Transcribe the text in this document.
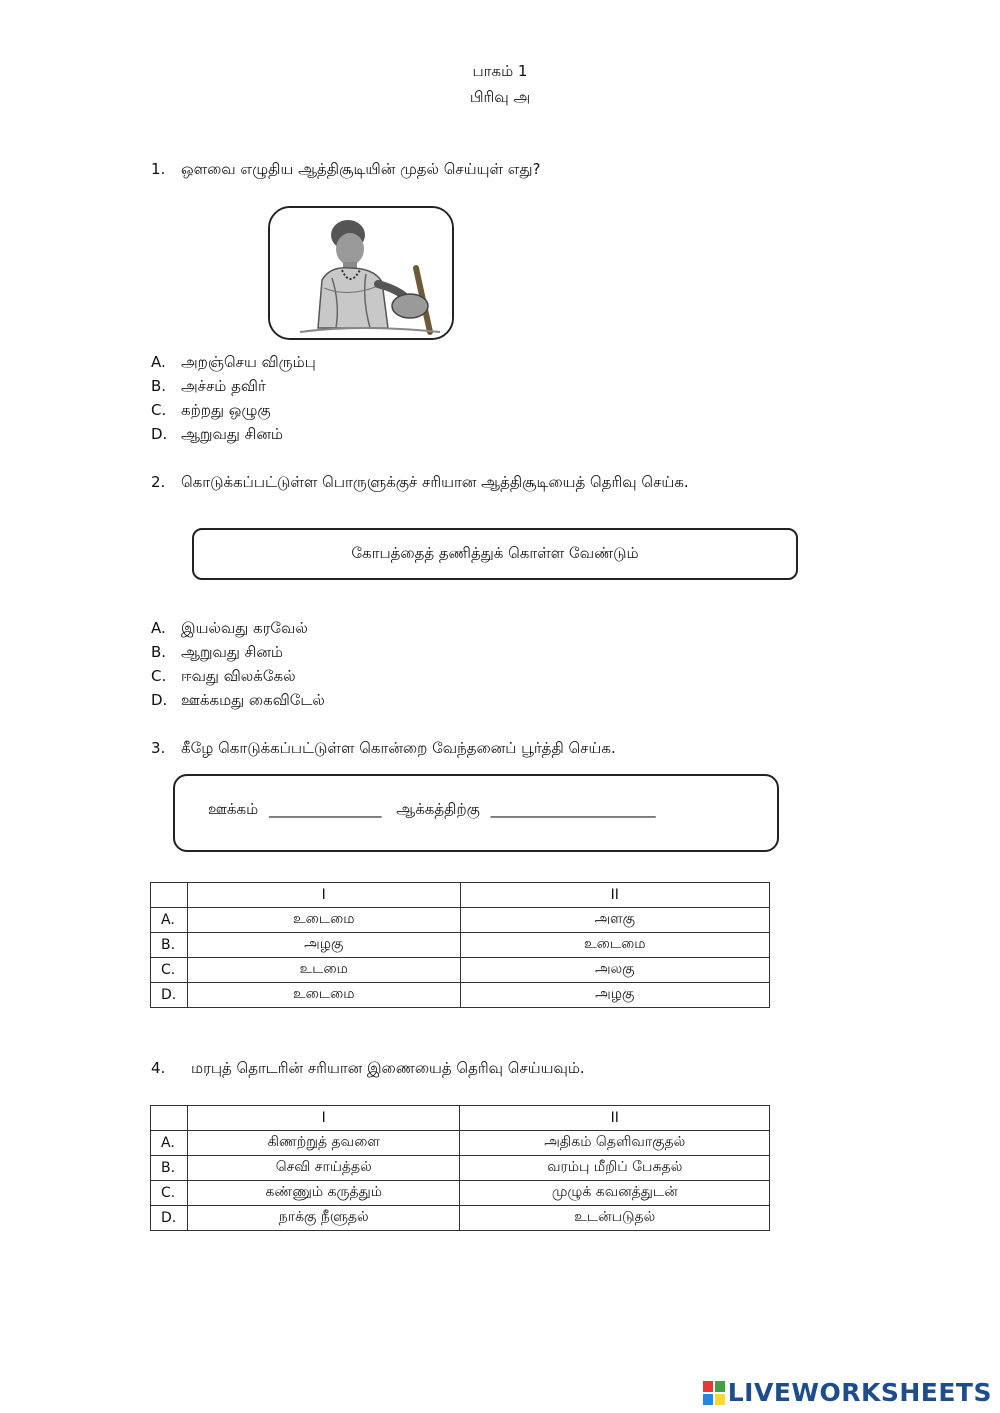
பாகம் 1
பிரிவு அ
1. ஒளவை எழுதிய ஆத்திசூடியின் முதல் செய்யுள் எது?
A. அறஞ்செய விரும்பு
B. அச்சம் தவிர்
C. கற்றது ஒழுகு
D. ஆறுவது சினம்
2. கொடுக்கப்பட்டுள்ள பொருளுக்குச் சரியான ஆத்திசூடியைத் தெரிவு செய்க.
கோபத்தைத் தணித்துக் கொள்ள வேண்டும்
A. இயல்வது கரவேல்
B. ஆறுவது சினம்
C. ஈவது விலக்கேல்
D. ஊக்கமது கைவிடேல்
3. கீழே கொடுக்கப்பட்டுள்ள கொன்றை வேந்தனைப் பூர்த்தி செய்க.
ஊக்கம் _______________ ஆக்கத்திற்கு ______________________
	I	II
A.	உடைமை	அளகு
B.	அழகு	உடைமை
C.	உடமை	அலகு
D.	உடைமை	அழகு
4. மரபுத் தொடரின் சரியான இணையைத் தெரிவு செய்யவும்.
	I	II
A.	கிணற்றுத் தவளை	அதிகம் தெளிவாகுதல்
B.	செவி சாய்த்தல்	வரம்பு மீறிப் பேசுதல்
C.	கண்ணும் கருத்தும்	முழுக் கவனத்துடன்
D.	நாக்கு நீளுதல்	உடன்படுதல்
LIVEWORKSHEETS
